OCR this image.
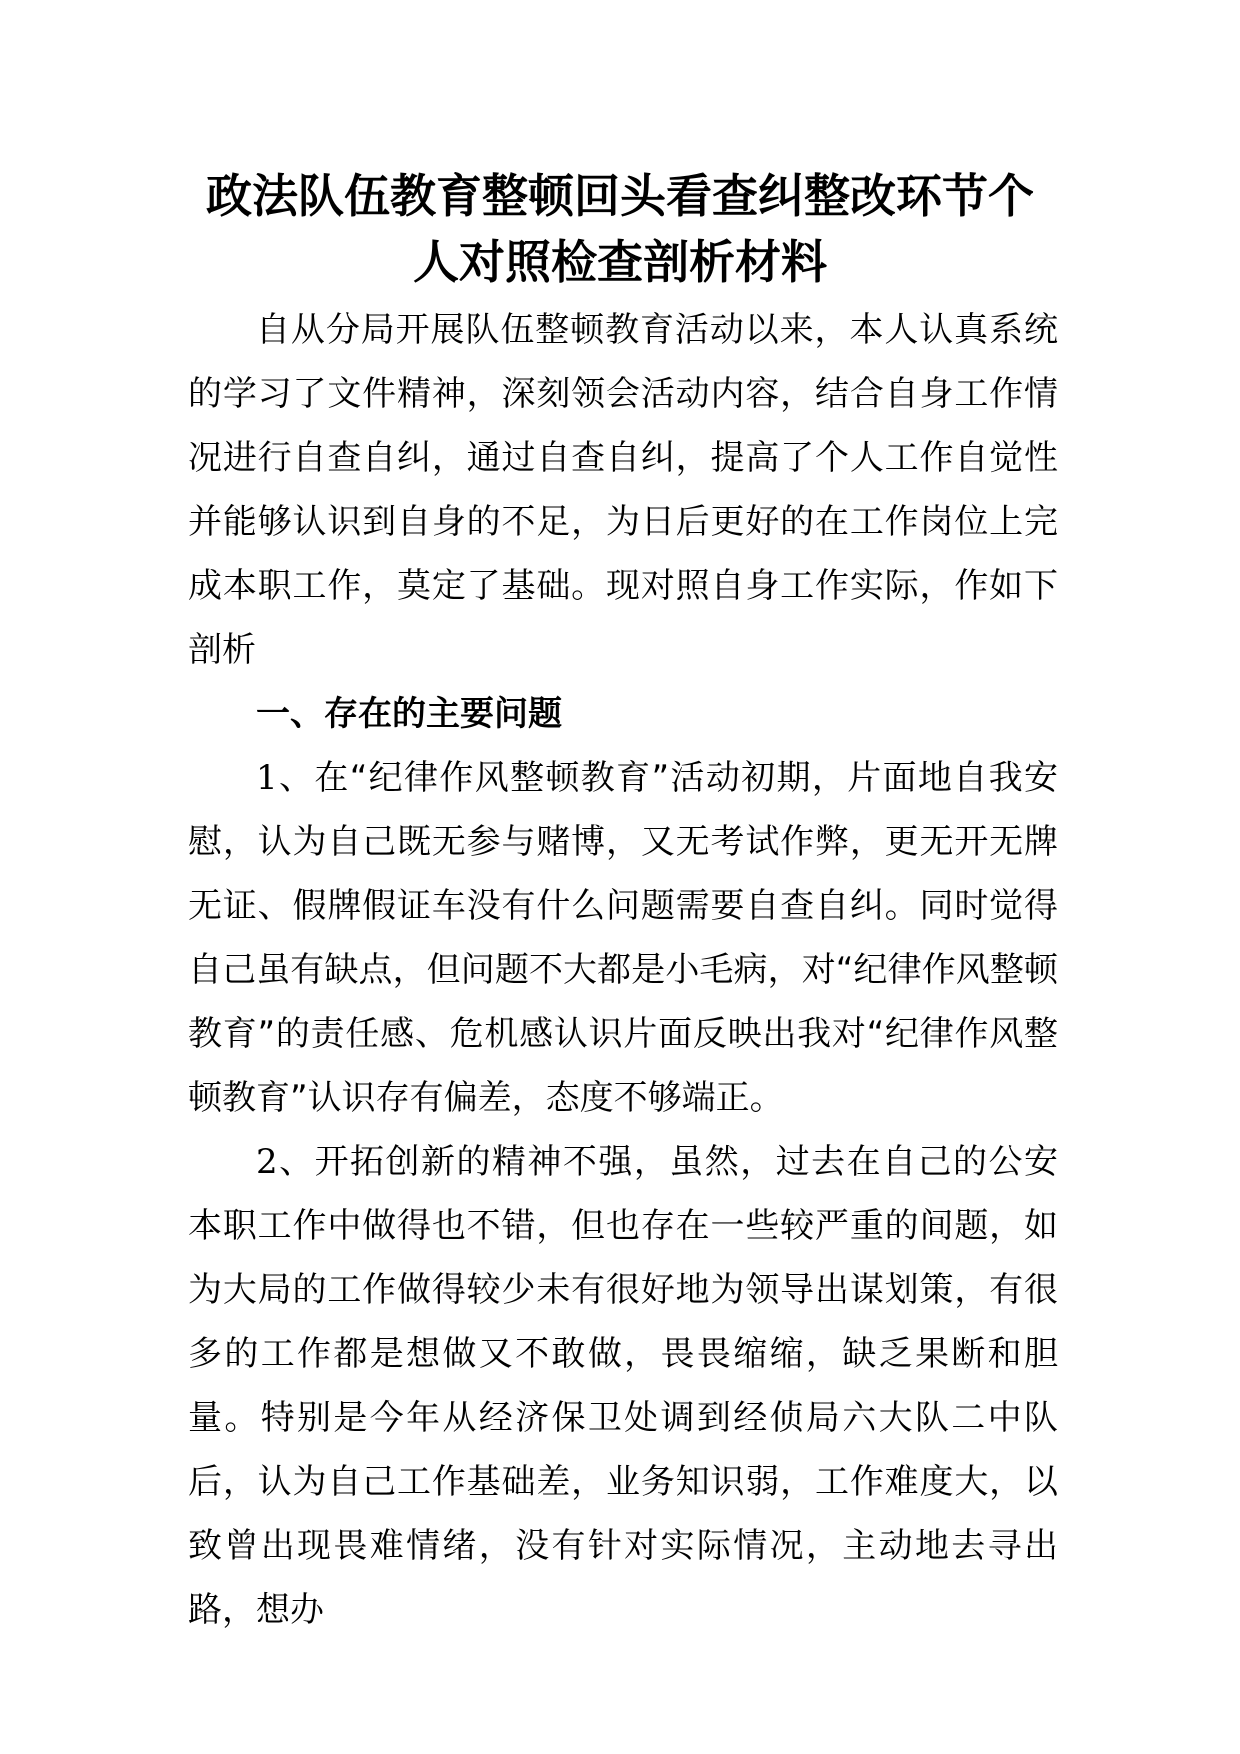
政法队伍教育整顿回头看查纠整改环节个
人对照检查剖析材料

自从分局开展队伍整顿教育活动以来，本人认真系统的学习了文件精神，深刻领会活动内容，结合自身工作情况进行自查自纠，通过自查自纠，提高了个人工作自觉性并能够认识到自身的不足，为日后更好的在工作岗位上完成本职工作，莫定了基础。现对照自身工作实际，作如下剖析

一、存在的主要问题

1、在“纪律作风整顿教育”活动初期，片面地自我安慰，认为自己既无参与赌博，又无考试作弊，更无开无牌无证、假牌假证车没有什么问题需要自查自纠。同时觉得自己虽有缺点，但问题不大都是小毛病，对“纪律作风整顿教育”的责任感、危机感认识片面反映出我对“纪律作风整顿教育”认识存有偏差，态度不够端正。

2、开拓创新的精神不强，虽然，过去在自己的公安本职工作中做得也不错，但也存在一些较严重的间题，如为大局的工作做得较少未有很好地为领导出谋划策，有很多的工作都是想做又不敢做，畏畏缩缩，缺乏果断和胆量。特别是今年从经济保卫处调到经侦局六大队二中队后，认为自己工作基础差，业务知识弱，工作难度大，以致曾出现畏难情绪，没有针对实际情况，主动地去寻出路，想办
